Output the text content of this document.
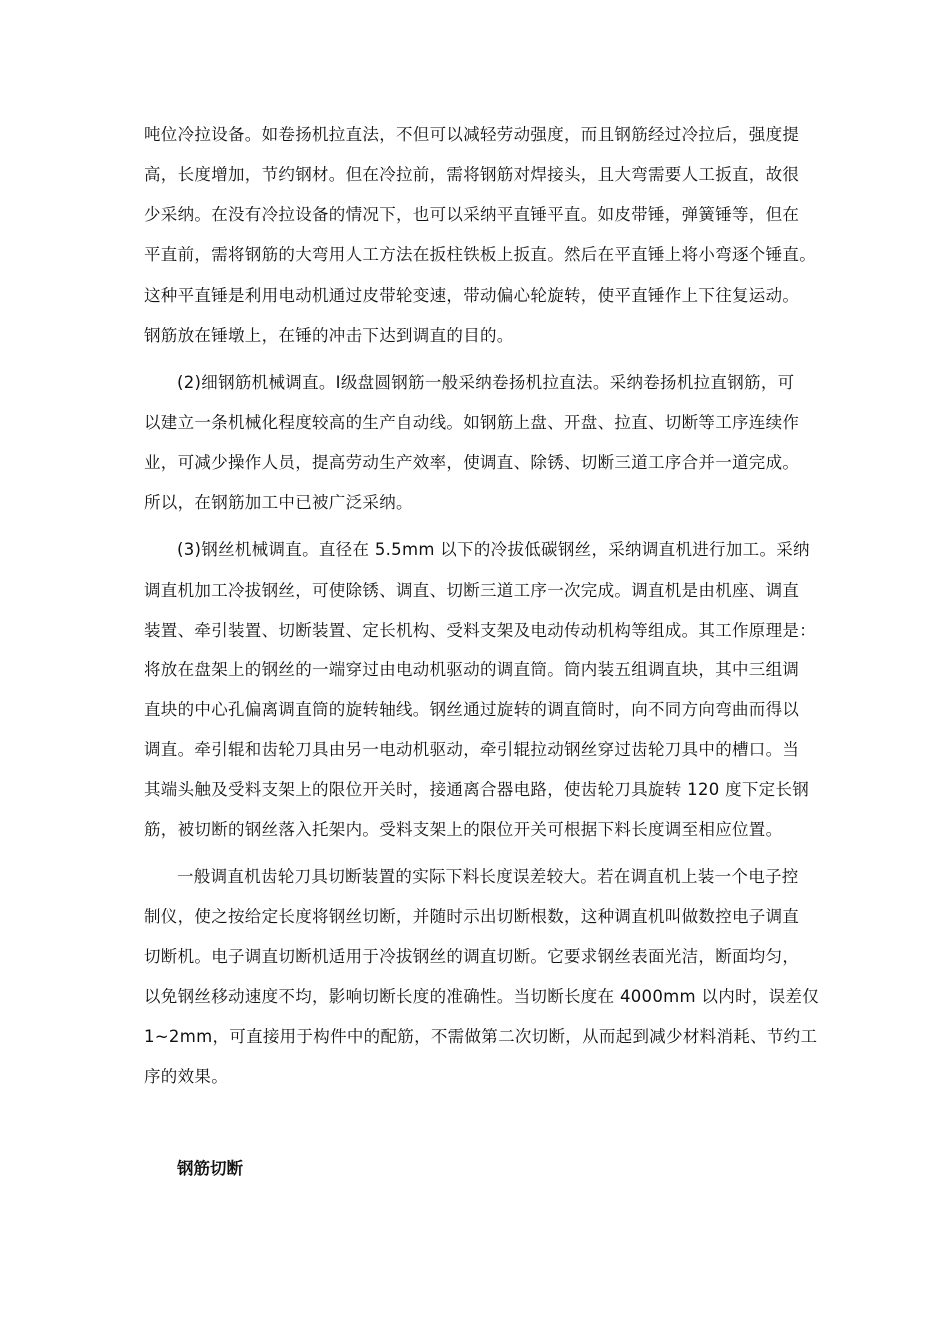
吨位冷拉设备。如卷扬机拉直法，不但可以减轻劳动强度，而且钢筋经过冷拉后，强度提
高，长度增加，节约钢材。但在冷拉前，需将钢筋对焊接头，且大弯需要人工扳直，故很
少采纳。在没有冷拉设备的情况下，也可以采纳平直锤平直。如皮带锤，弹簧锤等，但在
平直前，需将钢筋的大弯用人工方法在扳柱铁板上扳直。然后在平直锤上将小弯逐个锤直。
这种平直锤是利用电动机通过皮带轮变速，带动偏心轮旋转，使平直锤作上下往复运动。
钢筋放在锤墩上，在锤的冲击下达到调直的目的。
(2)细钢筋机械调直。Ⅰ级盘圆钢筋一般采纳卷扬机拉直法。采纳卷扬机拉直钢筋，可
以建立一条机械化程度较高的生产自动线。如钢筋上盘、开盘、拉直、切断等工序连续作
业，可减少操作人员，提高劳动生产效率，使调直、除锈、切断三道工序合并一道完成。
所以，在钢筋加工中已被广泛采纳。
(3)钢丝机械调直。直径在 5.5mm 以下的冷拔低碳钢丝，采纳调直机进行加工。采纳
调直机加工冷拔钢丝，可使除锈、调直、切断三道工序一次完成。调直机是由机座、调直
装置、牵引装置、切断装置、定长机构、受料支架及电动传动机构等组成。其工作原理是：
将放在盘架上的钢丝的一端穿过由电动机驱动的调直筒。筒内装五组调直块，其中三组调
直块的中心孔偏离调直筒的旋转轴线。钢丝通过旋转的调直筒时，向不同方向弯曲而得以
调直。牵引辊和齿轮刀具由另一电动机驱动，牵引辊拉动钢丝穿过齿轮刀具中的槽口。当
其端头触及受料支架上的限位开关时，接通离合器电路，使齿轮刀具旋转 120 度下定长钢
筋，被切断的钢丝落入托架内。受料支架上的限位开关可根据下料长度调至相应位置。
一般调直机齿轮刀具切断装置的实际下料长度误差较大。若在调直机上装一个电子控
制仪，使之按给定长度将钢丝切断，并随时示出切断根数，这种调直机叫做数控电子调直
切断机。电子调直切断机适用于冷拔钢丝的调直切断。它要求钢丝表面光洁，断面均匀，
以免钢丝移动速度不均，影响切断长度的准确性。当切断长度在 4000mm 以内时，误差仅
1~2mm，可直接用于构件中的配筋，不需做第二次切断，从而起到减少材料消耗、节约工
序的效果。
钢筋切断
